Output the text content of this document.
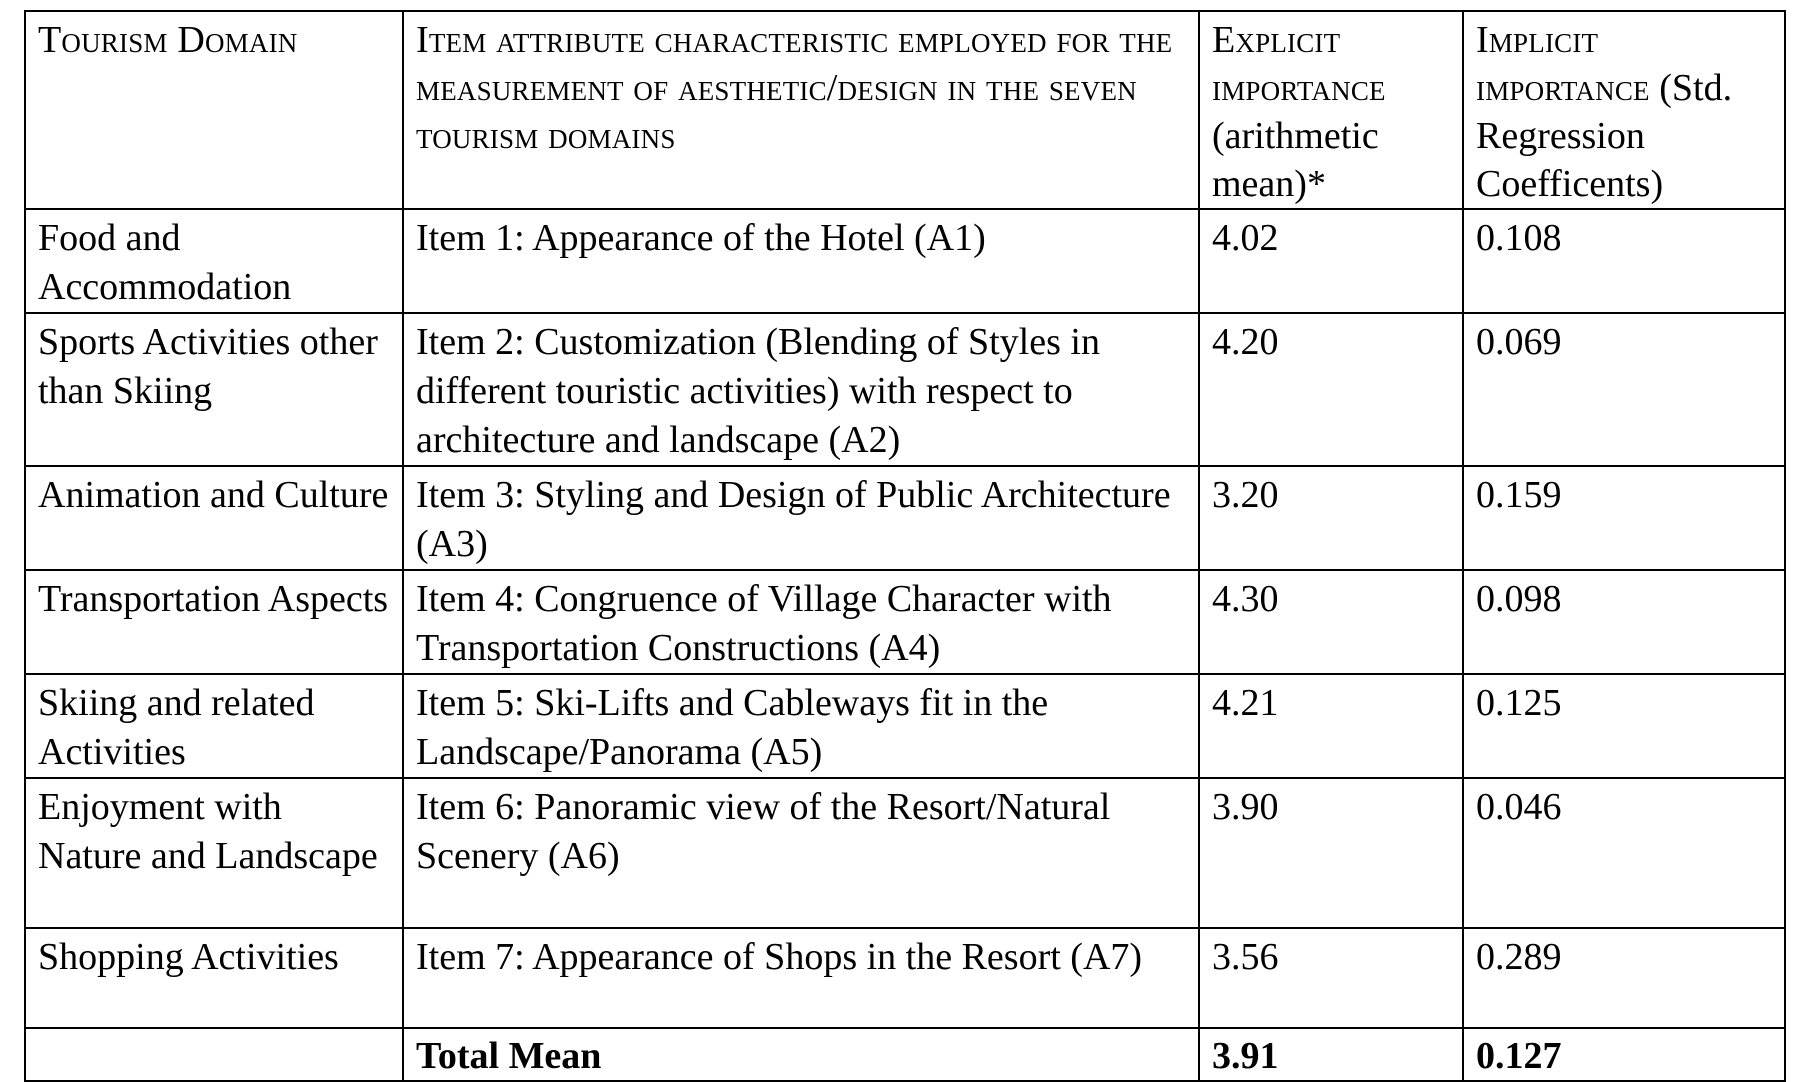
Tourism Domain	Item attribute characteristic employed for the measurement of aesthetic/design in the seven tourism domains	Explicit importance (arithmetic mean)*	Implicit importance (Std. Regression Coefficents)
Food and Accommodation	Item 1: Appearance of the Hotel (A1)	4.02	0.108
Sports Activities other than Skiing	Item 2: Customization (Blending of Styles in different touristic activities) with respect to architecture and landscape (A2)	4.20	0.069
Animation and Culture	Item 3: Styling and Design of Public Architecture (A3)	3.20	0.159
Transportation Aspects	Item 4: Congruence of Village Character with Transportation Constructions (A4)	4.30	0.098
Skiing and related Activities	Item 5: Ski-Lifts and Cableways fit in the Landscape/Panorama (A5)	4.21	0.125
Enjoyment with Nature and Landscape	Item 6: Panoramic view of the Resort/Natural Scenery (A6)	3.90	0.046
Shopping Activities	Item 7: Appearance of Shops in the Resort (A7)	3.56	0.289
	Total Mean	3.91	0.127
